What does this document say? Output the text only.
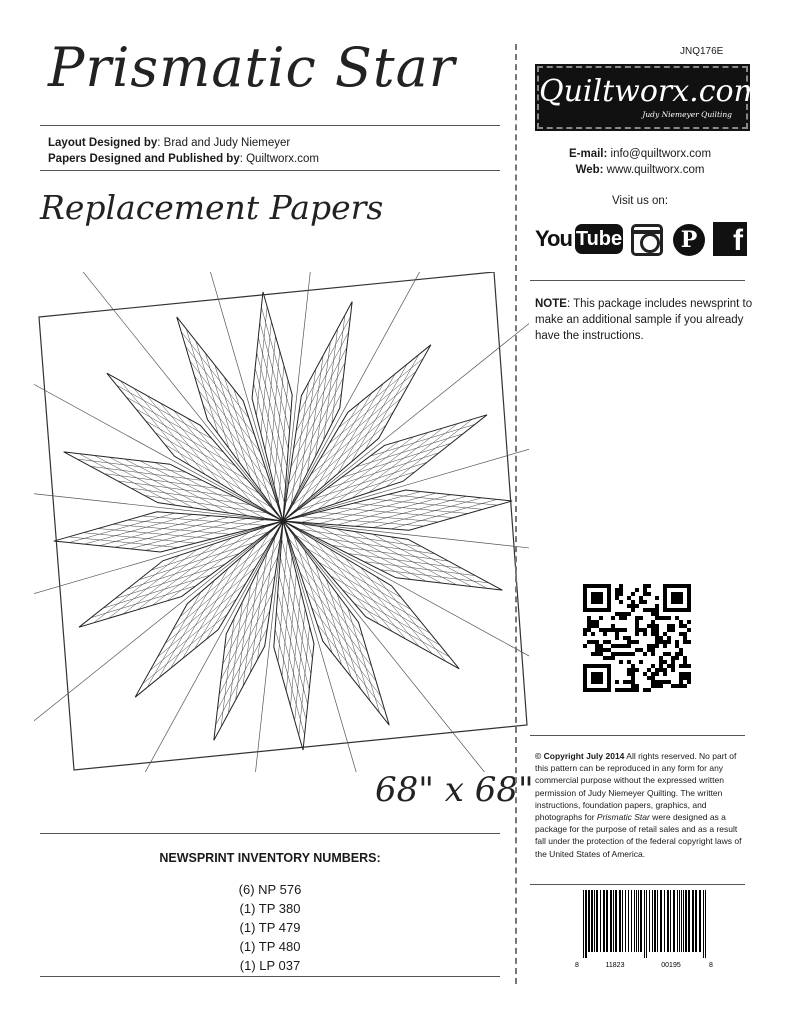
Prismatic Star
Layout Designed by: Brad and Judy Niemeyer
Papers Designed and Published by: Quiltworx.com
Replacement Papers
68" x 68"
NEWSPRINT INVENTORY NUMBERS:
(6) NP 576
(1) TP 380
(1) TP 479
(1) TP 480
(1) LP 037
JNQ176E
Quiltworx.com
Judy Niemeyer Quilting
E-mail: info@quiltworx.com
Web: www.quiltworx.com
Visit us on:
You Tube	P	f
NOTE: This package includes newsprint to make an additional sample if you already have the instructions.
© Copyright July 2014 All rights reserved. No part of this pattern can be reproduced in any form for any commercial purpose without the expressed written permission of Judy Niemeyer Quilting. The written instructions, foundation papers, graphics, and photographs for Prismatic Star were designed as a package for the purpose of retail sales and as a result fall under the protection of the federal copyright laws of the United States of America.
8	11823	00195	8
